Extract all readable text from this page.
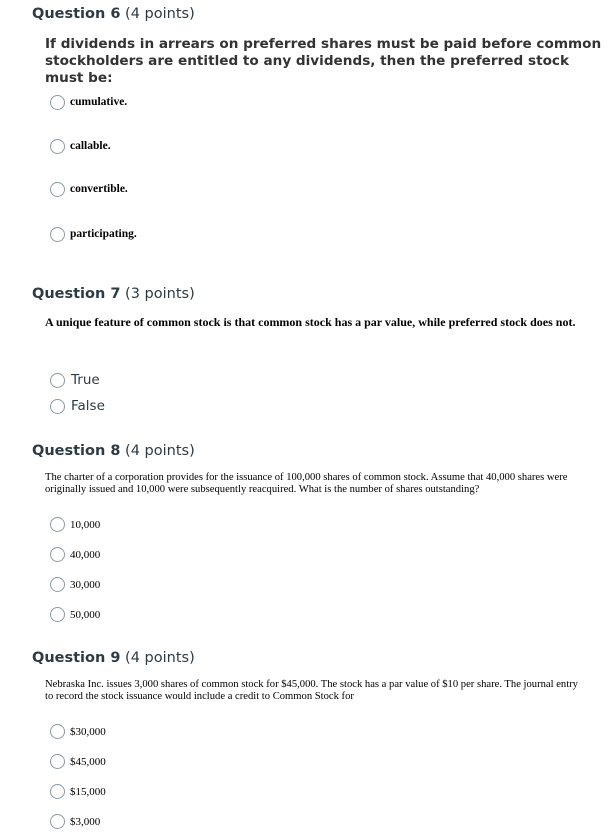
Question 6 (4 points)
If dividends in arrears on preferred shares must be paid before common stockholders are entitled to any dividends, then the preferred stock must be:
cumulative.
callable.
convertible.
participating.
Question 7 (3 points)
A unique feature of common stock is that common stock has a par value, while preferred stock does not.
True
False
Question 8 (4 points)
The charter of a corporation provides for the issuance of 100,000 shares of common stock. Assume that 40,000 shares were originally issued and 10,000 were subsequently reacquired. What is the number of shares outstanding?
10,000
40,000
30,000
50,000
Question 9 (4 points)
Nebraska Inc. issues 3,000 shares of common stock for $45,000. The stock has a par value of $10 per share. The journal entry to record the stock issuance would include a credit to Common Stock for
$30,000
$45,000
$15,000
$3,000
